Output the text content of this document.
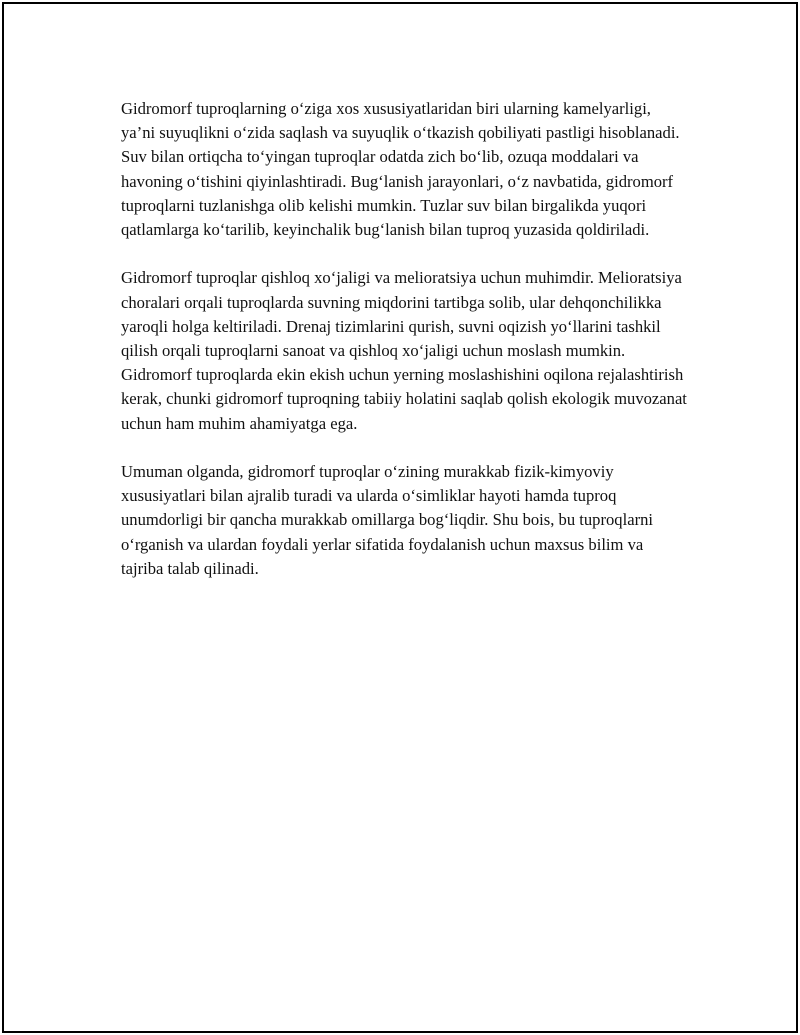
Gidromorf tuproqlarning o‘ziga xos xususiyatlaridan biri ularning kamelyarligi, ya’ni suyuqlikni o‘zida saqlash va suyuqlik o‘tkazish qobiliyati pastligi hisoblanadi. Suv bilan ortiqcha to‘yingan tuproqlar odatda zich bo‘lib, ozuqa moddalari va havoning o‘tishini qiyinlashtiradi. Bug‘lanish jarayonlari, o‘z navbatida, gidromorf tuproqlarni tuzlanishga olib kelishi mumkin. Tuzlar suv bilan birgalikda yuqori qatlamlarga ko‘tarilib, keyinchalik bug‘lanish bilan tuproq yuzasida qoldiriladi.

Gidromorf tuproqlar qishloq xo‘jaligi va melioratsiya uchun muhimdir. Melioratsiya choralari orqali tuproqlarda suvning miqdorini tartibga solib, ular dehqonchilikka yaroqli holga keltiriladi. Drenaj tizimlarini qurish, suvni oqizish yo‘llarini tashkil qilish orqali tuproqlarni sanoat va qishloq xo‘jaligi uchun moslash mumkin. Gidromorf tuproqlarda ekin ekish uchun yerning moslashishini oqilona rejalashtirish kerak, chunki gidromorf tuproqning tabiiy holatini saqlab qolish ekologik muvozanat uchun ham muhim ahamiyatga ega.

Umuman olganda, gidromorf tuproqlar o‘zining murakkab fizik-kimyoviy xususiyatlari bilan ajralib turadi va ularda o‘simliklar hayoti hamda tuproq unumdorligi bir qancha murakkab omillarga bog‘liqdir. Shu bois, bu tuproqlarni o‘rganish va ulardan foydali yerlar sifatida foydalanish uchun maxsus bilim va tajriba talab qilinadi.
